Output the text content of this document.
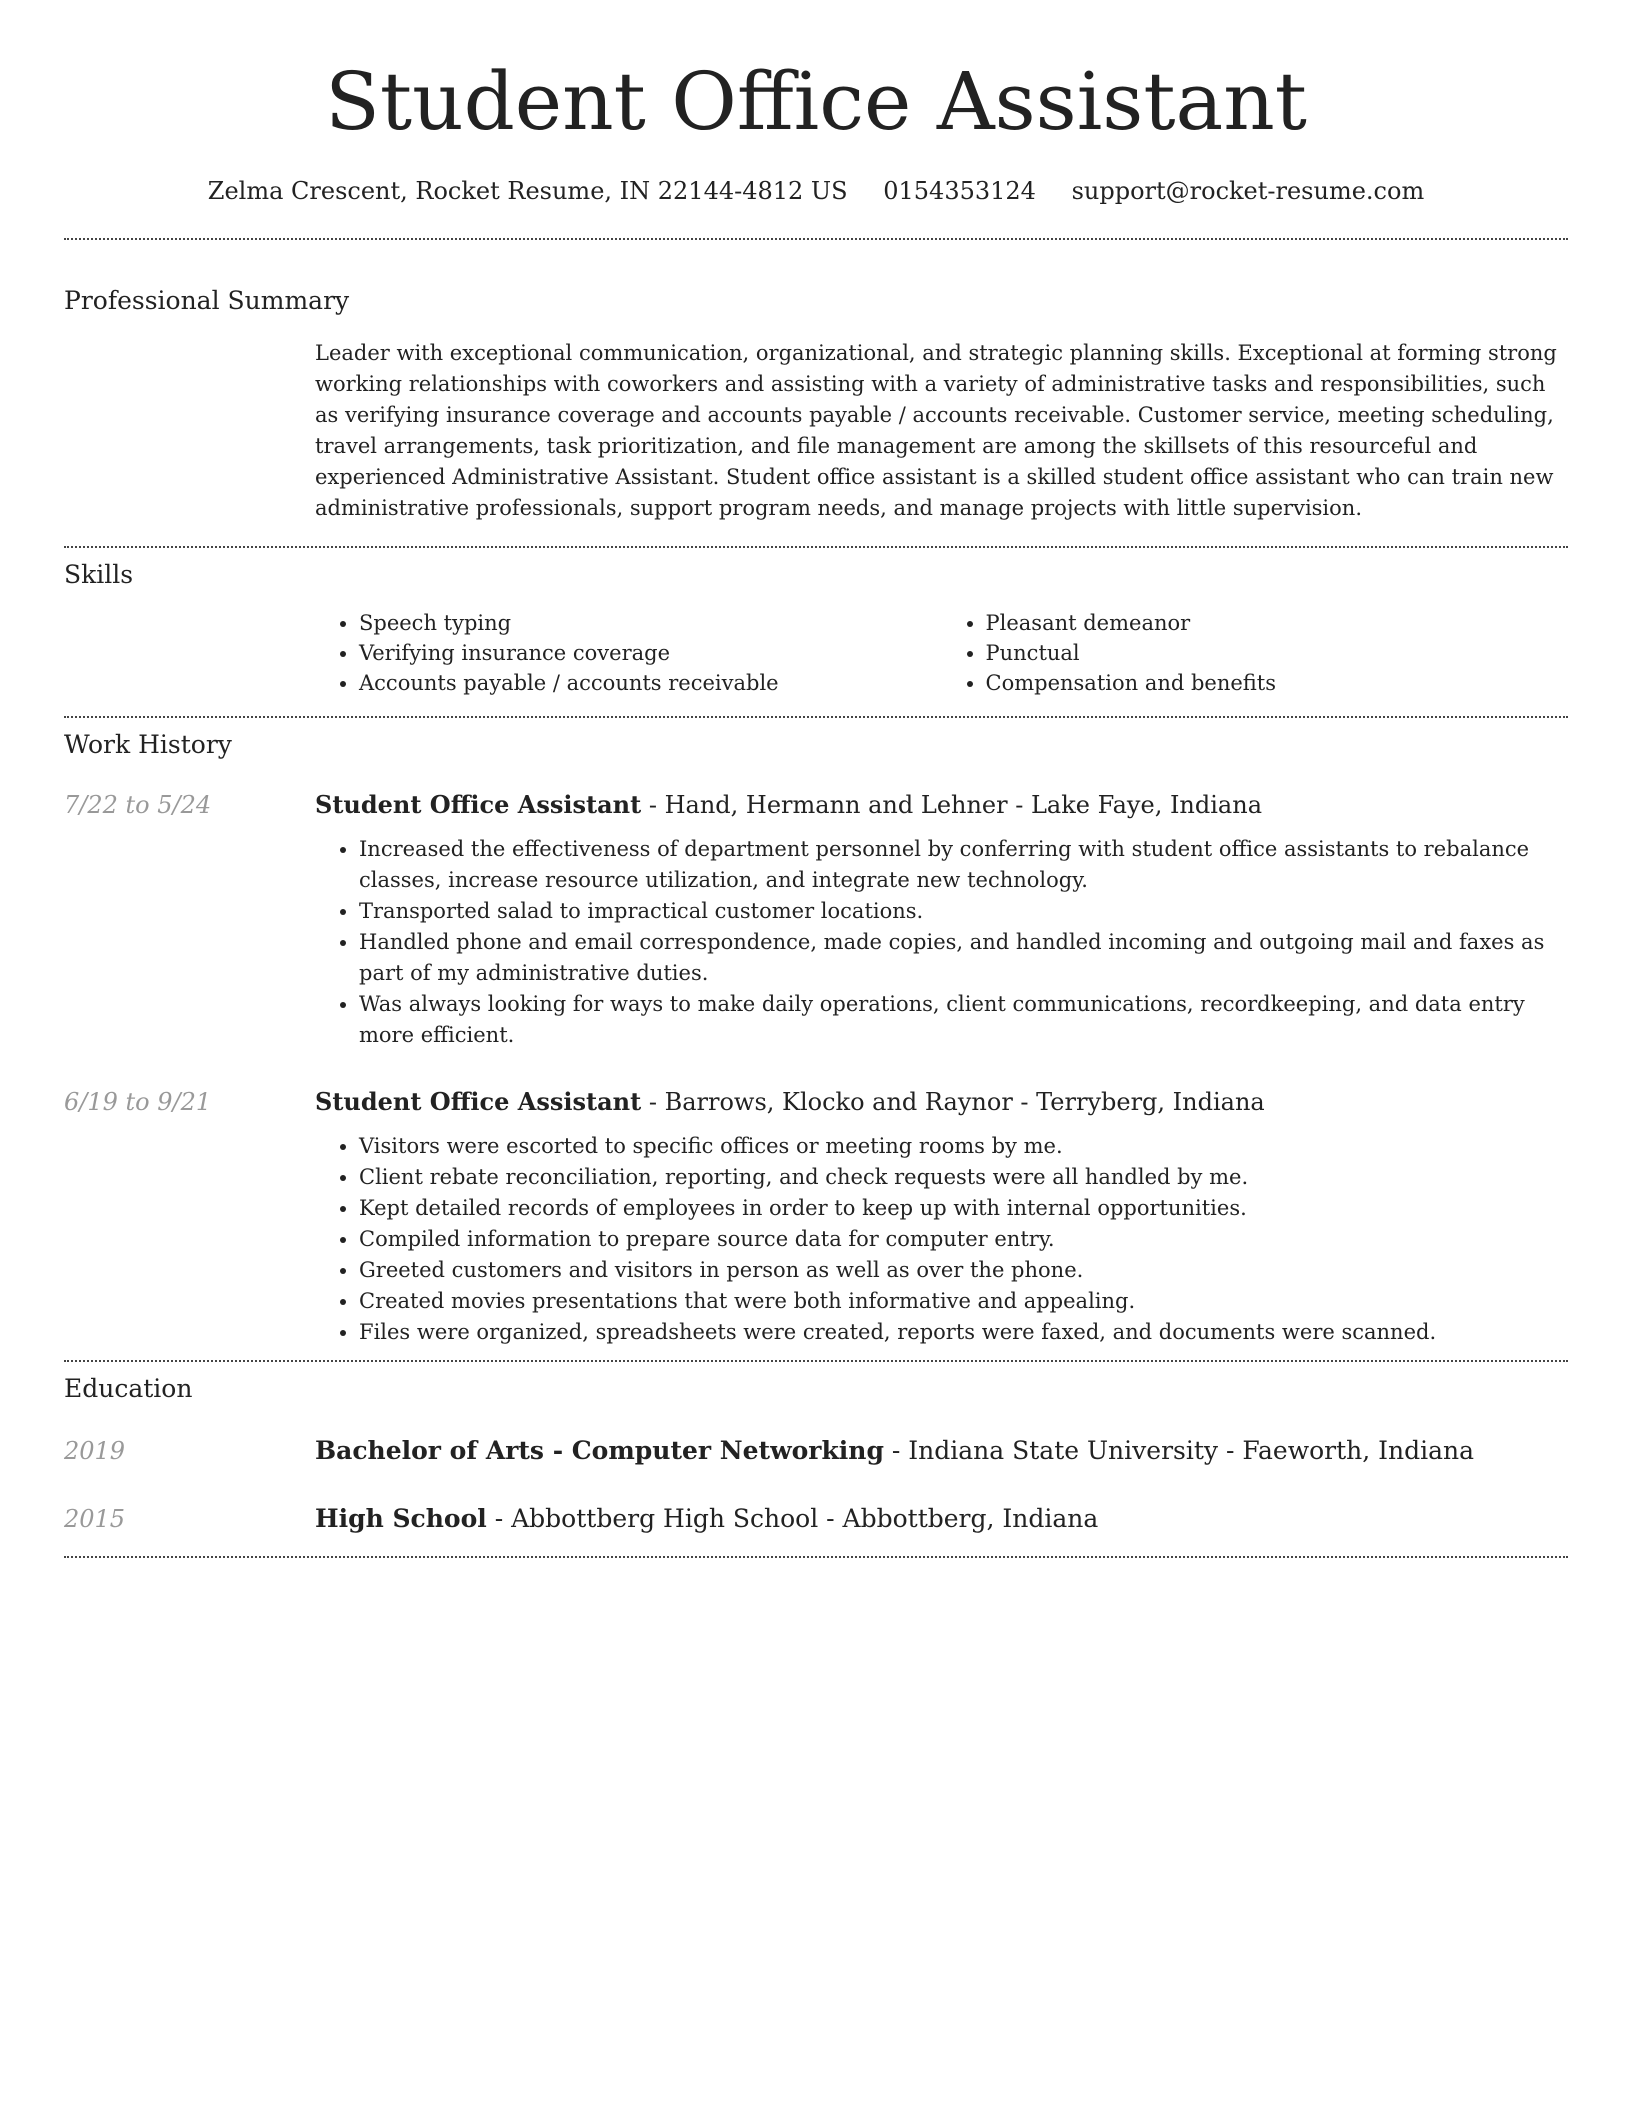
Student Office Assistant
Zelma Crescent, Rocket Resume, IN 22144-4812 US 0154353124 support@rocket-resume.com
Professional Summary

Leader with exceptional communication, organizational, and strategic planning skills. Exceptional at forming strong working relationships with coworkers and assisting with a variety of administrative tasks and responsibilities, such as verifying insurance coverage and accounts payable / accounts receivable. Customer service, meeting scheduling, travel arrangements, task prioritization, and file management are among the skillsets of this resourceful and experienced Administrative Assistant. Student office assistant is a skilled student office assistant who can train new administrative professionals, support program needs, and manage projects with little supervision.

Skills
• Speech typing
• Verifying insurance coverage
• Accounts payable / accounts receivable
• Pleasant demeanor
• Punctual
• Compensation and benefits
Work History
7/22 to 5/24	Student Office Assistant - Hand, Hermann and Lehner - Lake Faye, Indiana
• Increased the effectiveness of department personnel by conferring with student office assistants to rebalance classes, increase resource utilization, and integrate new technology.
• Transported salad to impractical customer locations.
• Handled phone and email correspondence, made copies, and handled incoming and outgoing mail and faxes as part of my administrative duties.
• Was always looking for ways to make daily operations, client communications, recordkeeping, and data entry more efficient.
6/19 to 9/21	Student Office Assistant - Barrows, Klocko and Raynor - Terryberg, Indiana
• Visitors were escorted to specific offices or meeting rooms by me.
• Client rebate reconciliation, reporting, and check requests were all handled by me.
• Kept detailed records of employees in order to keep up with internal opportunities.
• Compiled information to prepare source data for computer entry.
• Greeted customers and visitors in person as well as over the phone.
• Created movies presentations that were both informative and appealing.
• Files were organized, spreadsheets were created, reports were faxed, and documents were scanned.
Education
2019	Bachelor of Arts - Computer Networking - Indiana State University - Faeworth, Indiana
2015	High School - Abbottberg High School - Abbottberg, Indiana
